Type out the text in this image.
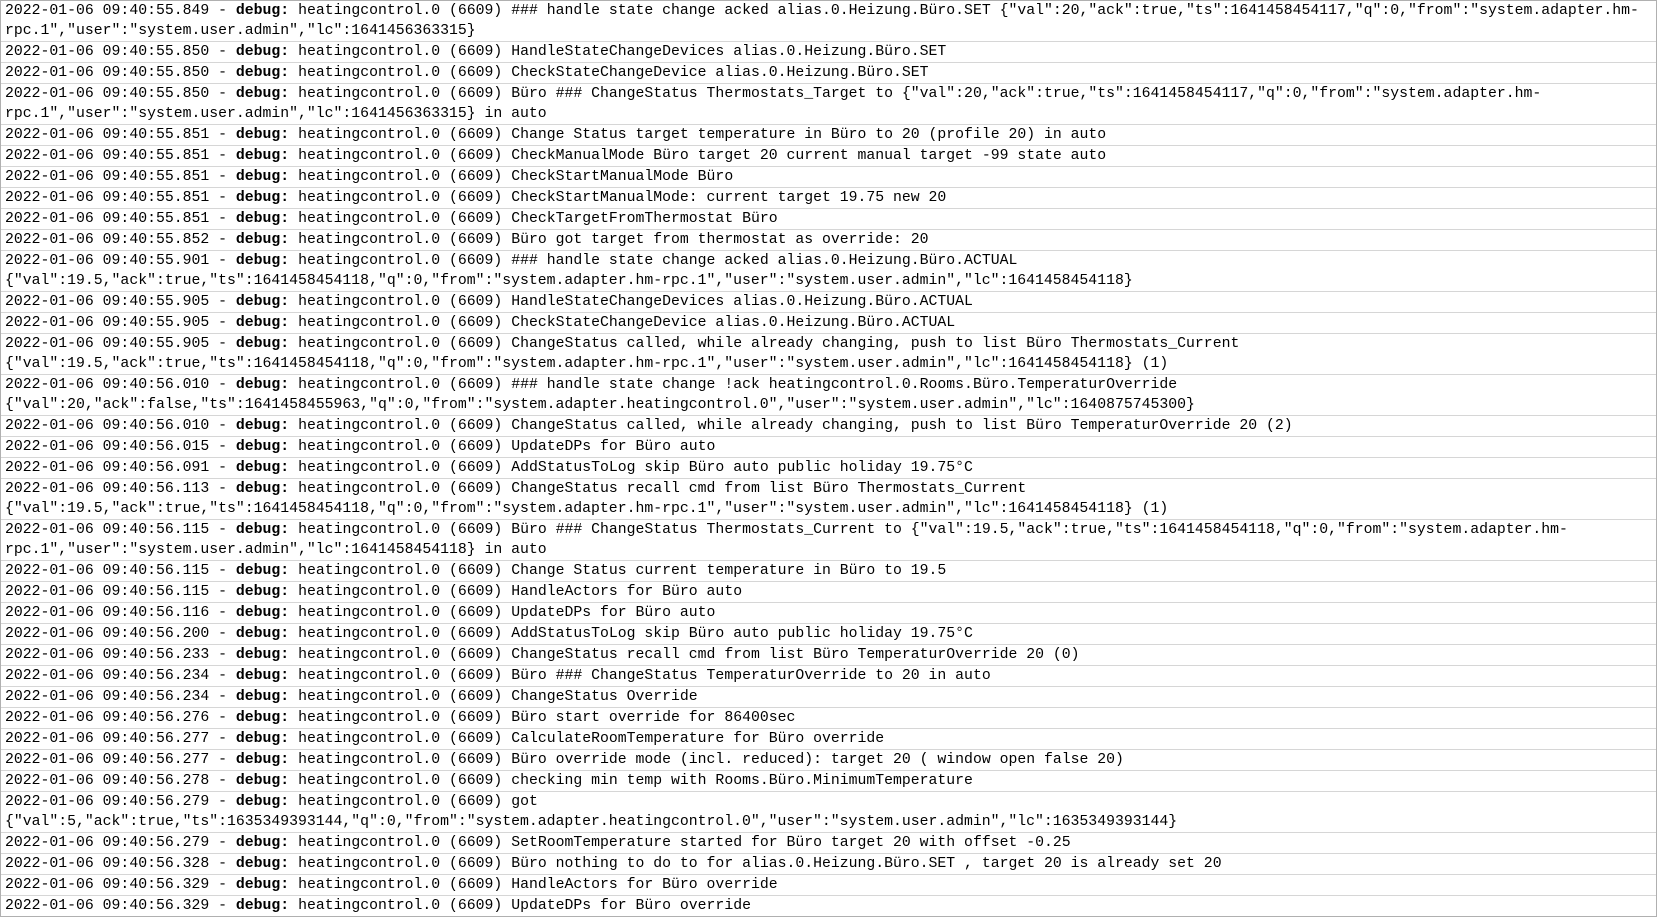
2022-01-06 09:40:55.849 - debug: heatingcontrol.0 (6609) ### handle state change acked alias.0.Heizung.Büro.SET {"val":20,"ack":true,"ts":1641458454117,"q":0,"from":"system.adapter.hm-rpc.1","user":"system.user.admin","lc":1641456363315}
2022-01-06 09:40:55.850 - debug: heatingcontrol.0 (6609) HandleStateChangeDevices alias.0.Heizung.Büro.SET
2022-01-06 09:40:55.850 - debug: heatingcontrol.0 (6609) CheckStateChangeDevice alias.0.Heizung.Büro.SET
2022-01-06 09:40:55.850 - debug: heatingcontrol.0 (6609) Büro ### ChangeStatus Thermostats_Target to {"val":20,"ack":true,"ts":1641458454117,"q":0,"from":"system.adapter.hm-rpc.1","user":"system.user.admin","lc":1641456363315} in auto
2022-01-06 09:40:55.851 - debug: heatingcontrol.0 (6609) Change Status target temperature in Büro to 20 (profile 20) in auto
2022-01-06 09:40:55.851 - debug: heatingcontrol.0 (6609) CheckManualMode Büro target 20 current manual target -99 state auto
2022-01-06 09:40:55.851 - debug: heatingcontrol.0 (6609) CheckStartManualMode Büro
2022-01-06 09:40:55.851 - debug: heatingcontrol.0 (6609) CheckStartManualMode: current target 19.75 new 20
2022-01-06 09:40:55.851 - debug: heatingcontrol.0 (6609) CheckTargetFromThermostat Büro
2022-01-06 09:40:55.852 - debug: heatingcontrol.0 (6609) Büro got target from thermostat as override: 20
2022-01-06 09:40:55.901 - debug: heatingcontrol.0 (6609) ### handle state change acked alias.0.Heizung.Büro.ACTUAL {"val":19.5,"ack":true,"ts":1641458454118,"q":0,"from":"system.adapter.hm-rpc.1","user":"system.user.admin","lc":1641458454118}
2022-01-06 09:40:55.905 - debug: heatingcontrol.0 (6609) HandleStateChangeDevices alias.0.Heizung.Büro.ACTUAL
2022-01-06 09:40:55.905 - debug: heatingcontrol.0 (6609) CheckStateChangeDevice alias.0.Heizung.Büro.ACTUAL
2022-01-06 09:40:55.905 - debug: heatingcontrol.0 (6609) ChangeStatus called, while already changing, push to list Büro Thermostats_Current {"val":19.5,"ack":true,"ts":1641458454118,"q":0,"from":"system.adapter.hm-rpc.1","user":"system.user.admin","lc":1641458454118} (1)
2022-01-06 09:40:56.010 - debug: heatingcontrol.0 (6609) ### handle state change !ack heatingcontrol.0.Rooms.Büro.TemperaturOverride {"val":20,"ack":false,"ts":1641458455963,"q":0,"from":"system.adapter.heatingcontrol.0","user":"system.user.admin","lc":1640875745300}
2022-01-06 09:40:56.010 - debug: heatingcontrol.0 (6609) ChangeStatus called, while already changing, push to list Büro TemperaturOverride 20 (2)
2022-01-06 09:40:56.015 - debug: heatingcontrol.0 (6609) UpdateDPs for Büro auto
2022-01-06 09:40:56.091 - debug: heatingcontrol.0 (6609) AddStatusToLog skip Büro auto public holiday 19.75°C
2022-01-06 09:40:56.113 - debug: heatingcontrol.0 (6609) ChangeStatus recall cmd from list Büro Thermostats_Current {"val":19.5,"ack":true,"ts":1641458454118,"q":0,"from":"system.adapter.hm-rpc.1","user":"system.user.admin","lc":1641458454118} (1)
2022-01-06 09:40:56.115 - debug: heatingcontrol.0 (6609) Büro ### ChangeStatus Thermostats_Current to {"val":19.5,"ack":true,"ts":1641458454118,"q":0,"from":"system.adapter.hm-rpc.1","user":"system.user.admin","lc":1641458454118} in auto
2022-01-06 09:40:56.115 - debug: heatingcontrol.0 (6609) Change Status current temperature in Büro to 19.5
2022-01-06 09:40:56.115 - debug: heatingcontrol.0 (6609) HandleActors for Büro auto
2022-01-06 09:40:56.116 - debug: heatingcontrol.0 (6609) UpdateDPs for Büro auto
2022-01-06 09:40:56.200 - debug: heatingcontrol.0 (6609) AddStatusToLog skip Büro auto public holiday 19.75°C
2022-01-06 09:40:56.233 - debug: heatingcontrol.0 (6609) ChangeStatus recall cmd from list Büro TemperaturOverride 20 (0)
2022-01-06 09:40:56.234 - debug: heatingcontrol.0 (6609) Büro ### ChangeStatus TemperaturOverride to 20 in auto
2022-01-06 09:40:56.234 - debug: heatingcontrol.0 (6609) ChangeStatus Override
2022-01-06 09:40:56.276 - debug: heatingcontrol.0 (6609) Büro start override for 86400sec
2022-01-06 09:40:56.277 - debug: heatingcontrol.0 (6609) CalculateRoomTemperature for Büro override
2022-01-06 09:40:56.277 - debug: heatingcontrol.0 (6609) Büro override mode (incl. reduced): target 20 ( window open false 20)
2022-01-06 09:40:56.278 - debug: heatingcontrol.0 (6609) checking min temp with Rooms.Büro.MinimumTemperature
2022-01-06 09:40:56.279 - debug: heatingcontrol.0 (6609) got {"val":5,"ack":true,"ts":1635349393144,"q":0,"from":"system.adapter.heatingcontrol.0","user":"system.user.admin","lc":1635349393144}
2022-01-06 09:40:56.279 - debug: heatingcontrol.0 (6609) SetRoomTemperature started for Büro target 20 with offset -0.25
2022-01-06 09:40:56.328 - debug: heatingcontrol.0 (6609) Büro nothing to do to for alias.0.Heizung.Büro.SET , target 20 is already set 20
2022-01-06 09:40:56.329 - debug: heatingcontrol.0 (6609) HandleActors for Büro override
2022-01-06 09:40:56.329 - debug: heatingcontrol.0 (6609) UpdateDPs for Büro override
